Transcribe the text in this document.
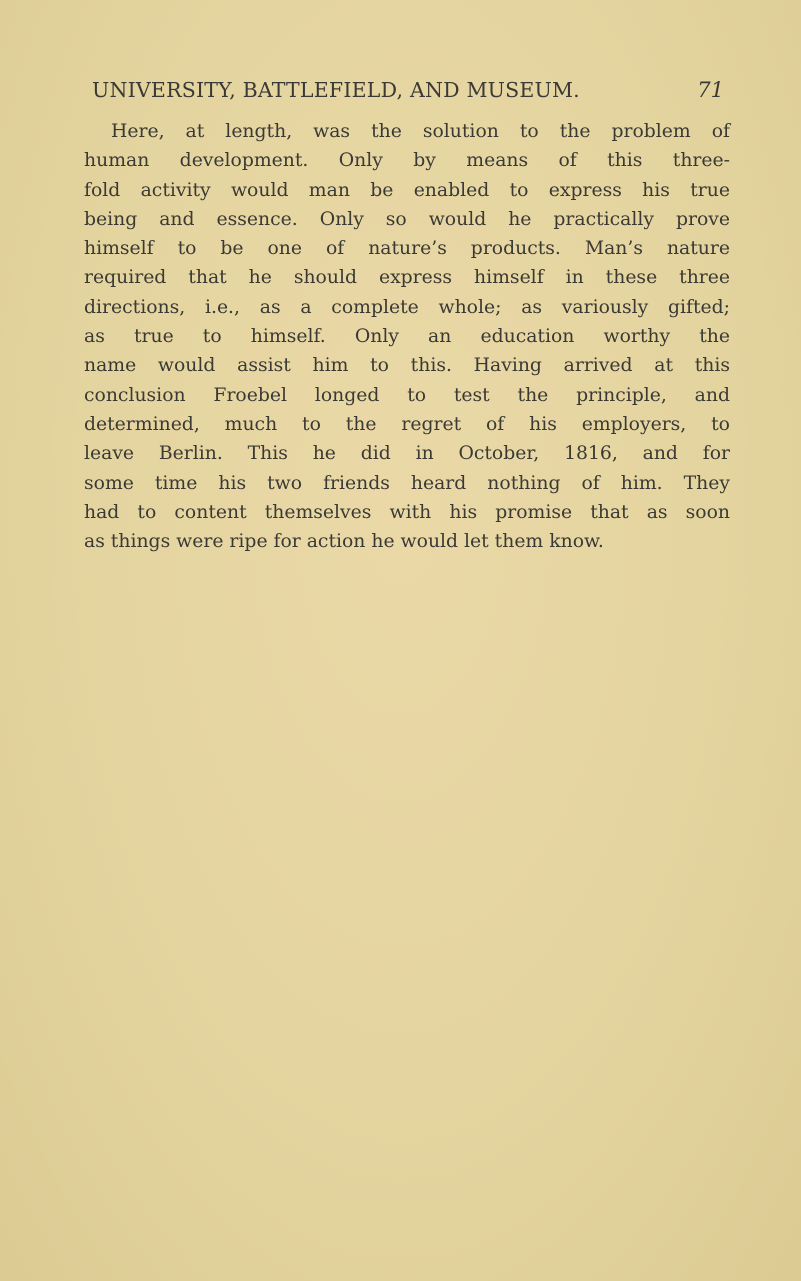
UNIVERSITY, BATTLEFIELD, AND MUSEUM.	71
Here, at length, was the solution to the problem of
human development. Only by means of this three-
fold activity would man be enabled to express his true
being and essence. Only so would he practically prove
himself to be one of nature’s products. Man’s nature
required that he should express himself in these three
directions, i.e., as a complete whole; as variously gifted;
as true to himself. Only an education worthy the
name would assist him to this. Having arrived at this
conclusion Froebel longed to test the principle, and
determined, much to the regret of his employers, to
leave Berlin. This he did in October, 1816, and for
some time his two friends heard nothing of him. They
had to content themselves with his promise that as soon
as things were ripe for action he would let them know.
